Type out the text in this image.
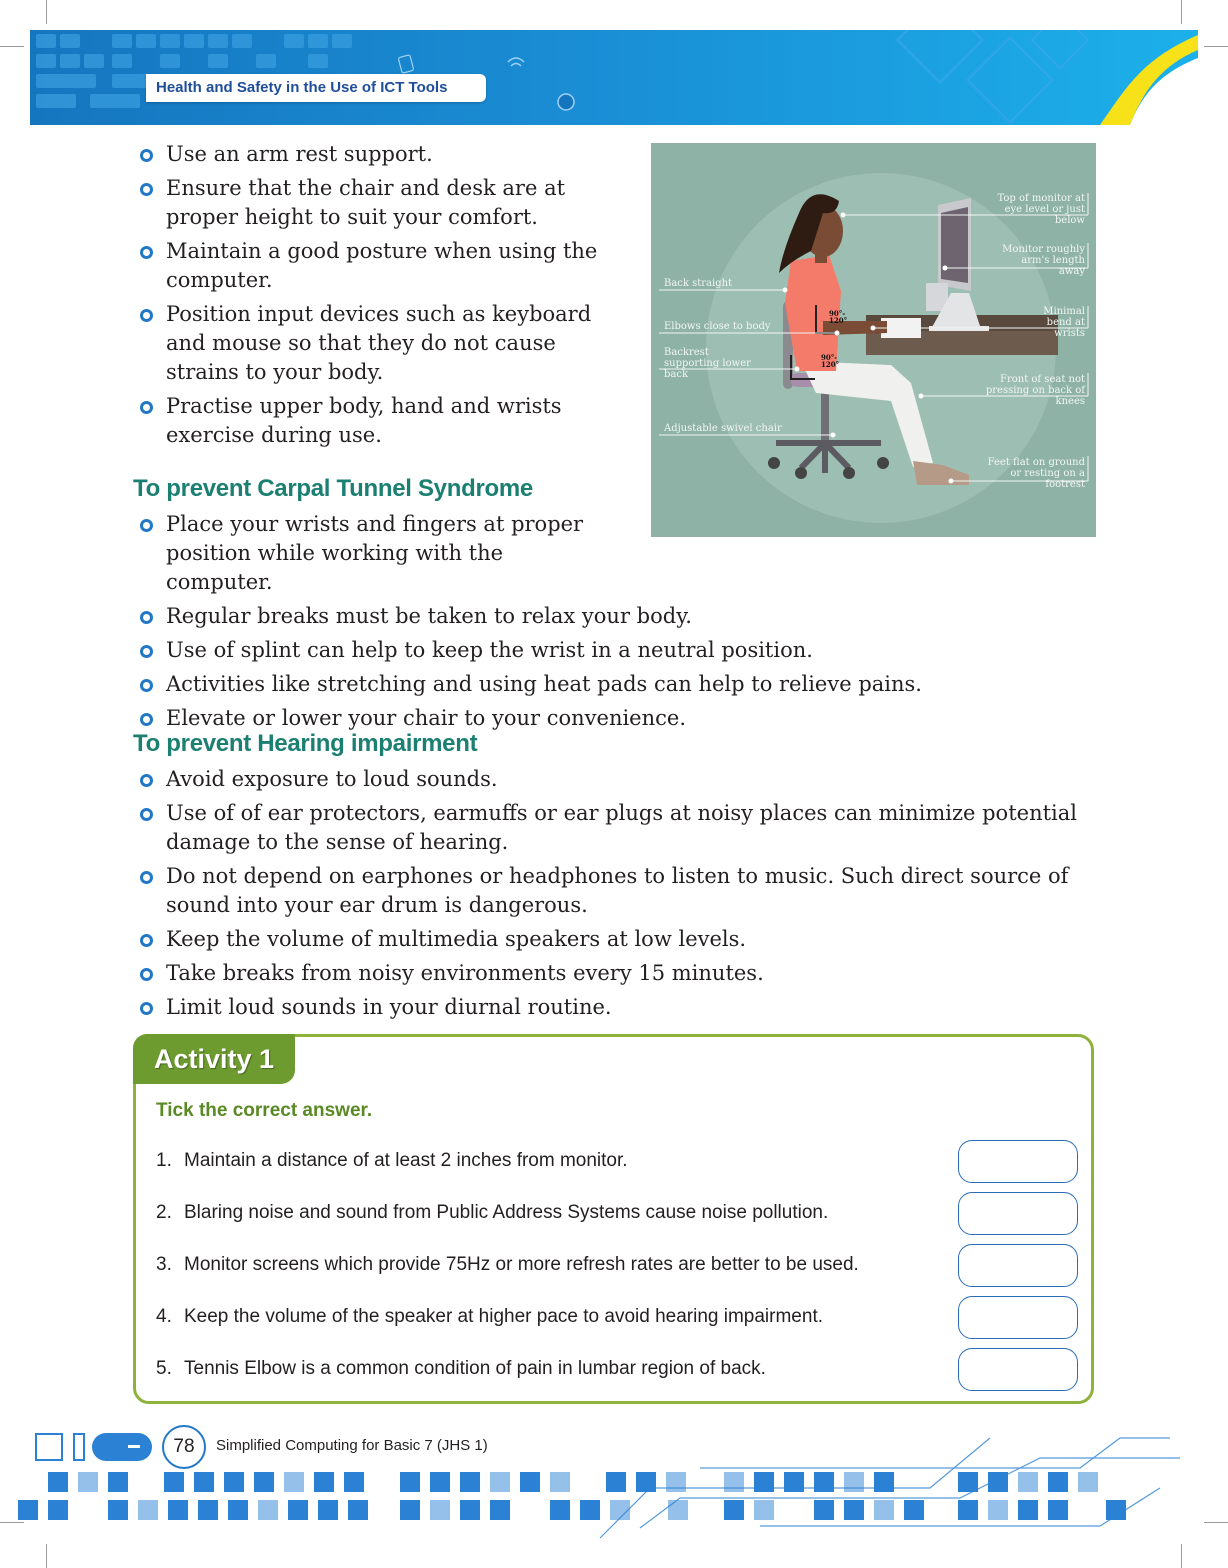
Health and Safety in the Use of ICT Tools
Use an arm rest support.
Ensure that the chair and desk are at proper height to suit your comfort.
Maintain a good posture when using the computer.
Position input devices such as keyboard and mouse so that they do not cause strains to your body.
Practise upper body, hand and wrists exercise during use.
Top of monitor at eye level or just below
Monitor roughly arm's length away
Minimal bend at wrists
Front of seat not pressing on back of knees
Feet flat on ground or resting on a footrest
Back straight
Elbows close to body
Backrest supporting lower back
Adjustable swivel chair
90°- 120°
90°- 120°
To prevent Carpal Tunnel Syndrome
Place your wrists and fingers at proper position while working with the computer.
Regular breaks must be taken to relax your body.
Use of splint can help to keep the wrist in a neutral position.
Activities like stretching and using heat pads can help to relieve pains.
Elevate or lower your chair to your convenience.
To prevent Hearing impairment
Avoid exposure to loud sounds.
Use of of ear protectors, earmuffs or ear plugs at noisy places can minimize potential damage to the sense of hearing.
Do not depend on earphones or headphones to listen to music. Such direct source of sound into your ear drum is dangerous.
Keep the volume of multimedia speakers at low levels.
Take breaks from noisy environments every 15 minutes.
Limit loud sounds in your diurnal routine.
Activity 1
Tick the correct answer.
1. Maintain a distance of at least 2 inches from monitor.
2. Blaring noise and sound from Public Address Systems cause noise pollution.
3. Monitor screens which provide 75Hz or more refresh rates are better to be used.
4. Keep the volume of the speaker at higher pace to avoid hearing impairment.
5. Tennis Elbow is a common condition of pain in lumbar region of back.
78	Simplified Computing for Basic 7 (JHS 1)
